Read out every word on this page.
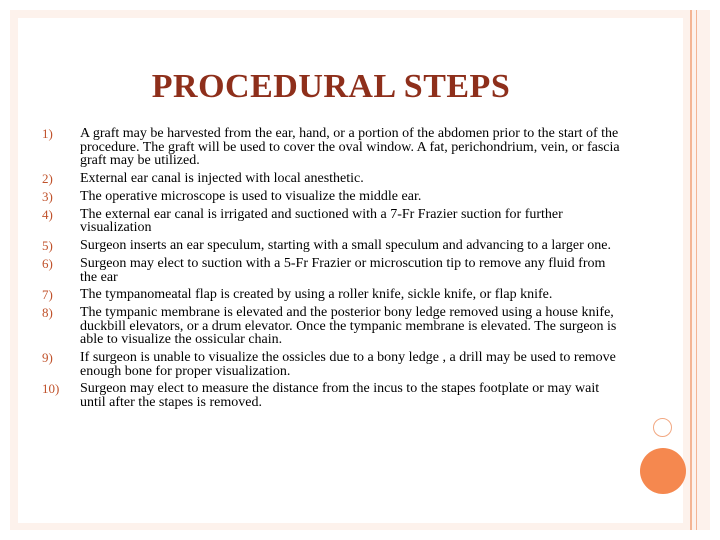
PROCEDURAL STEPS
1)	A graft may be harvested from the ear, hand, or a portion of the abdomen prior to the start of the procedure. The graft will be used to cover the oval window. A fat, perichondrium, vein, or fascia graft may be utilized.
2)	External ear canal is injected with local anesthetic.
3)	The operative microscope is used to visualize the middle ear.
4)	The external ear canal is irrigated and suctioned with a 7-Fr Frazier suction for further visualization
5)	Surgeon inserts an ear speculum, starting with a small speculum and advancing to a larger one.
6)	Surgeon may elect to suction with a 5-Fr Frazier or microscution tip to remove any fluid from the ear
7)	The tympanomeatal flap is created by using a roller knife, sickle knife, or flap knife.
8)	The tympanic membrane is elevated and the posterior bony ledge removed using a house knife, duckbill elevators, or a drum elevator. Once the tympanic membrane is elevated. The surgeon is able to visualize the ossicular chain.
9)	If surgeon is unable to visualize the ossicles due to a bony ledge , a drill may be used to remove enough bone for proper visualization.
10)	Surgeon may elect to measure the distance from the incus to the stapes footplate or may wait until after the stapes is removed.
